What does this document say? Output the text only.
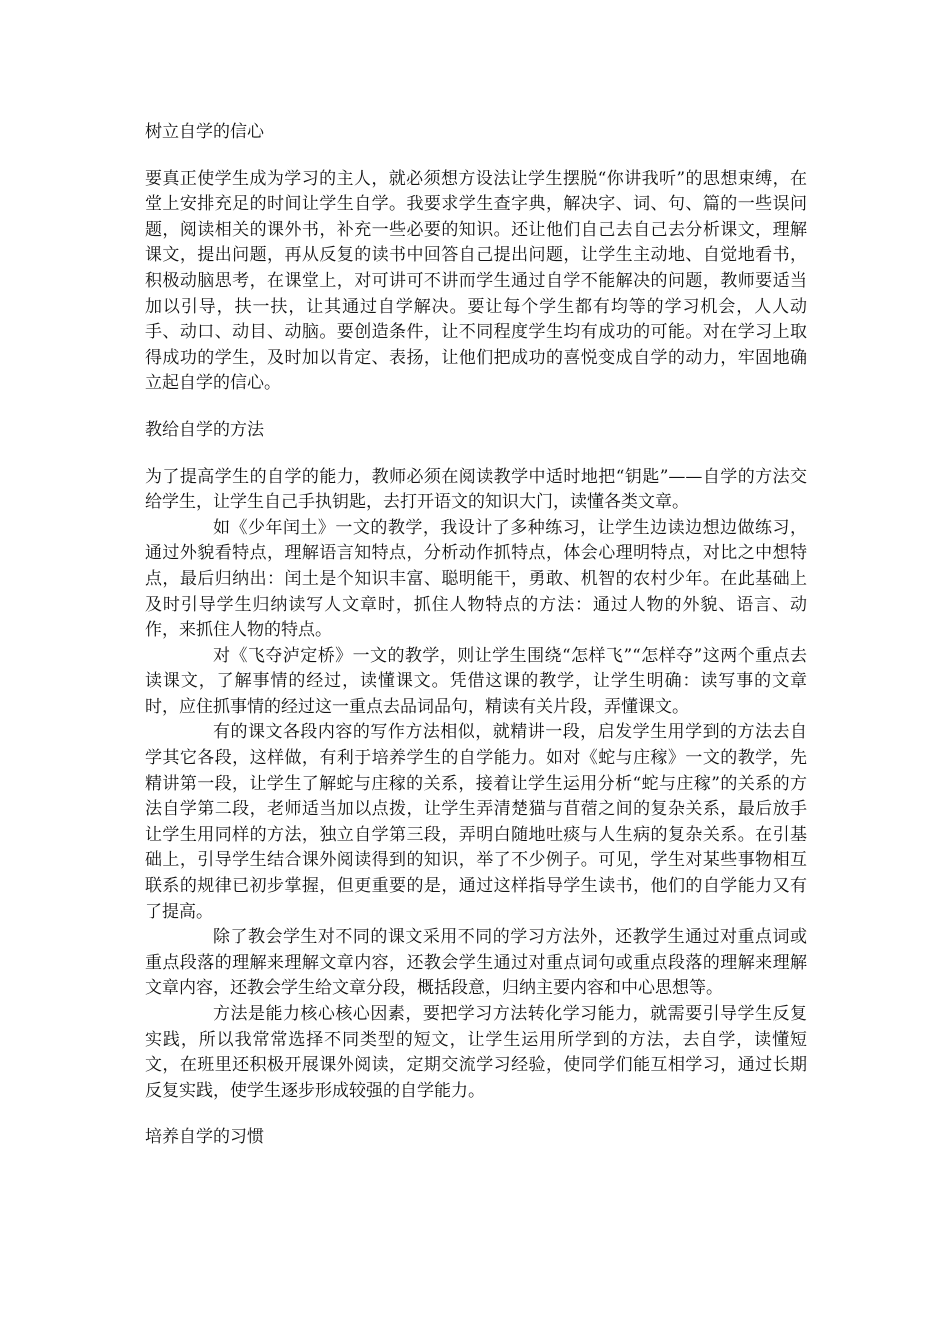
树立自学的信心

要真正使学生成为学习的主人，就必须想方设法让学生摆脱“你讲我听”的思想束缚，在堂上安排充足的时间让学生自学。我要求学生查字典，解决字、词、句、篇的一些误问题，阅读相关的课外书，补充一些必要的知识。还让他们自己去自己去分析课文，理解课文，提出问题，再从反复的读书中回答自己提出问题，让学生主动地、自觉地看书，积极动脑思考，在课堂上，对可讲可不讲而学生通过自学不能解决的问题，教师要适当加以引导，扶一扶，让其通过自学解决。要让每个学生都有均等的学习机会，人人动手、动口、动目、动脑。要创造条件，让不同程度学生均有成功的可能。对在学习上取得成功的学生，及时加以肯定、表扬，让他们把成功的喜悦变成自学的动力，牢固地确立起自学的信心。

教给自学的方法

为了提高学生的自学的能力，教师必须在阅读教学中适时地把“钥匙”——自学的方法交给学生，让学生自己手执钥匙，去打开语文的知识大门，读懂各类文章。

如《少年闰土》一文的教学，我设计了多种练习，让学生边读边想边做练习，通过外貌看特点，理解语言知特点，分析动作抓特点，体会心理明特点，对比之中想特点，最后归纳出：闰土是个知识丰富、聪明能干，勇敢、机智的农村少年。在此基础上及时引导学生归纳读写人文章时，抓住人物特点的方法：通过人物的外貌、语言、动作，来抓住人物的特点。

对《飞夺泸定桥》一文的教学，则让学生围绕“怎样飞”“怎样夺”这两个重点去读课文，了解事情的经过，读懂课文。凭借这课的教学，让学生明确：读写事的文章时，应住抓事情的经过这一重点去品词品句，精读有关片段，弄懂课文。

有的课文各段内容的写作方法相似，就精讲一段，启发学生用学到的方法去自学其它各段，这样做，有利于培养学生的自学能力。如对《蛇与庄稼》一文的教学，先精讲第一段，让学生了解蛇与庄稼的关系，接着让学生运用分析“蛇与庄稼”的关系的方法自学第二段，老师适当加以点拨，让学生弄清楚猫与苜蓿之间的复杂关系，最后放手让学生用同样的方法，独立自学第三段，弄明白随地吐痰与人生病的复杂关系。在引基础上，引导学生结合课外阅读得到的知识，举了不少例子。可见，学生对某些事物相互联系的规律已初步掌握，但更重要的是，通过这样指导学生读书，他们的自学能力又有了提高。

除了教会学生对不同的课文采用不同的学习方法外，还教学生通过对重点词或重点段落的理解来理解文章内容，还教会学生通过对重点词句或重点段落的理解来理解文章内容，还教会学生给文章分段，概括段意，归纳主要内容和中心思想等。

方法是能力核心核心因素，要把学习方法转化学习能力，就需要引导学生反复实践，所以我常常选择不同类型的短文，让学生运用所学到的方法，去自学，读懂短文，在班里还积极开展课外阅读，定期交流学习经验，使同学们能互相学习，通过长期反复实践，使学生逐步形成较强的自学能力。

培养自学的习惯
